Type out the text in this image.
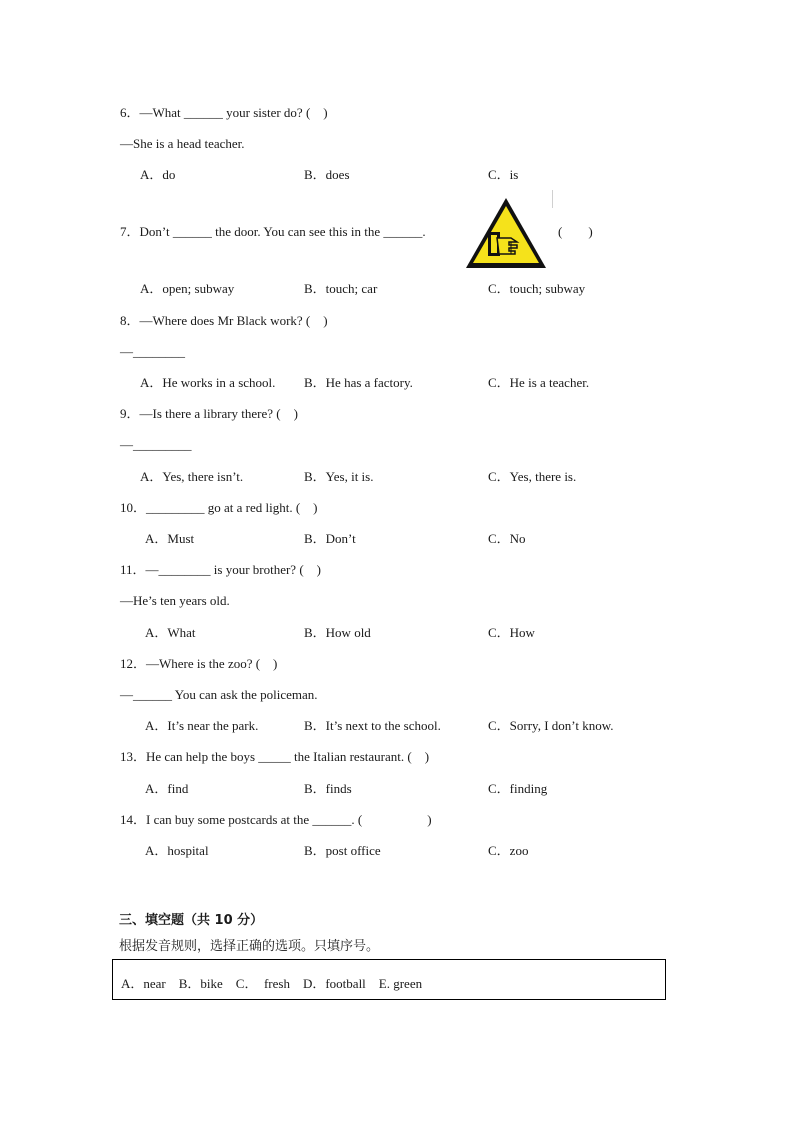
6．—What ______ your sister do? (　)
—She is a head teacher.
A．do	B．does	C．is
7．Don’t ______ the door. You can see this in the ______.	(　　)
A．open; subway	B．touch; car	C．touch; subway
8．—Where does Mr Black work? (　)
—________
A．He works in a school. B．He has a factory.	C．He is a teacher.
9．—Is there a library there? (　)
—_________
A．Yes, there isn’t.	B．Yes, it is.	C．Yes, there is.
10．_________ go at a red light. (　)
A．Must	B．Don’t	C．No
11．—________ is your brother? (　)
—He’s ten years old.
A．What	B．How old	C．How
12．—Where is the zoo? (　)
—______ You can ask the policeman.
A．It’s near the park.	B．It’s next to the school.	C．Sorry, I don’t know.
13．He can help the boys _____ the Italian restaurant. (　)
A．find	B．finds	C．finding
14．I can buy some postcards at the ______. (　　　　　)
A．hospital	B．post office	C．zoo
三、填空题（共 10 分）
根据发音规则，选择正确的选项。只填序号。
A．near　B．bike　C．　fresh　D．football　E. green
